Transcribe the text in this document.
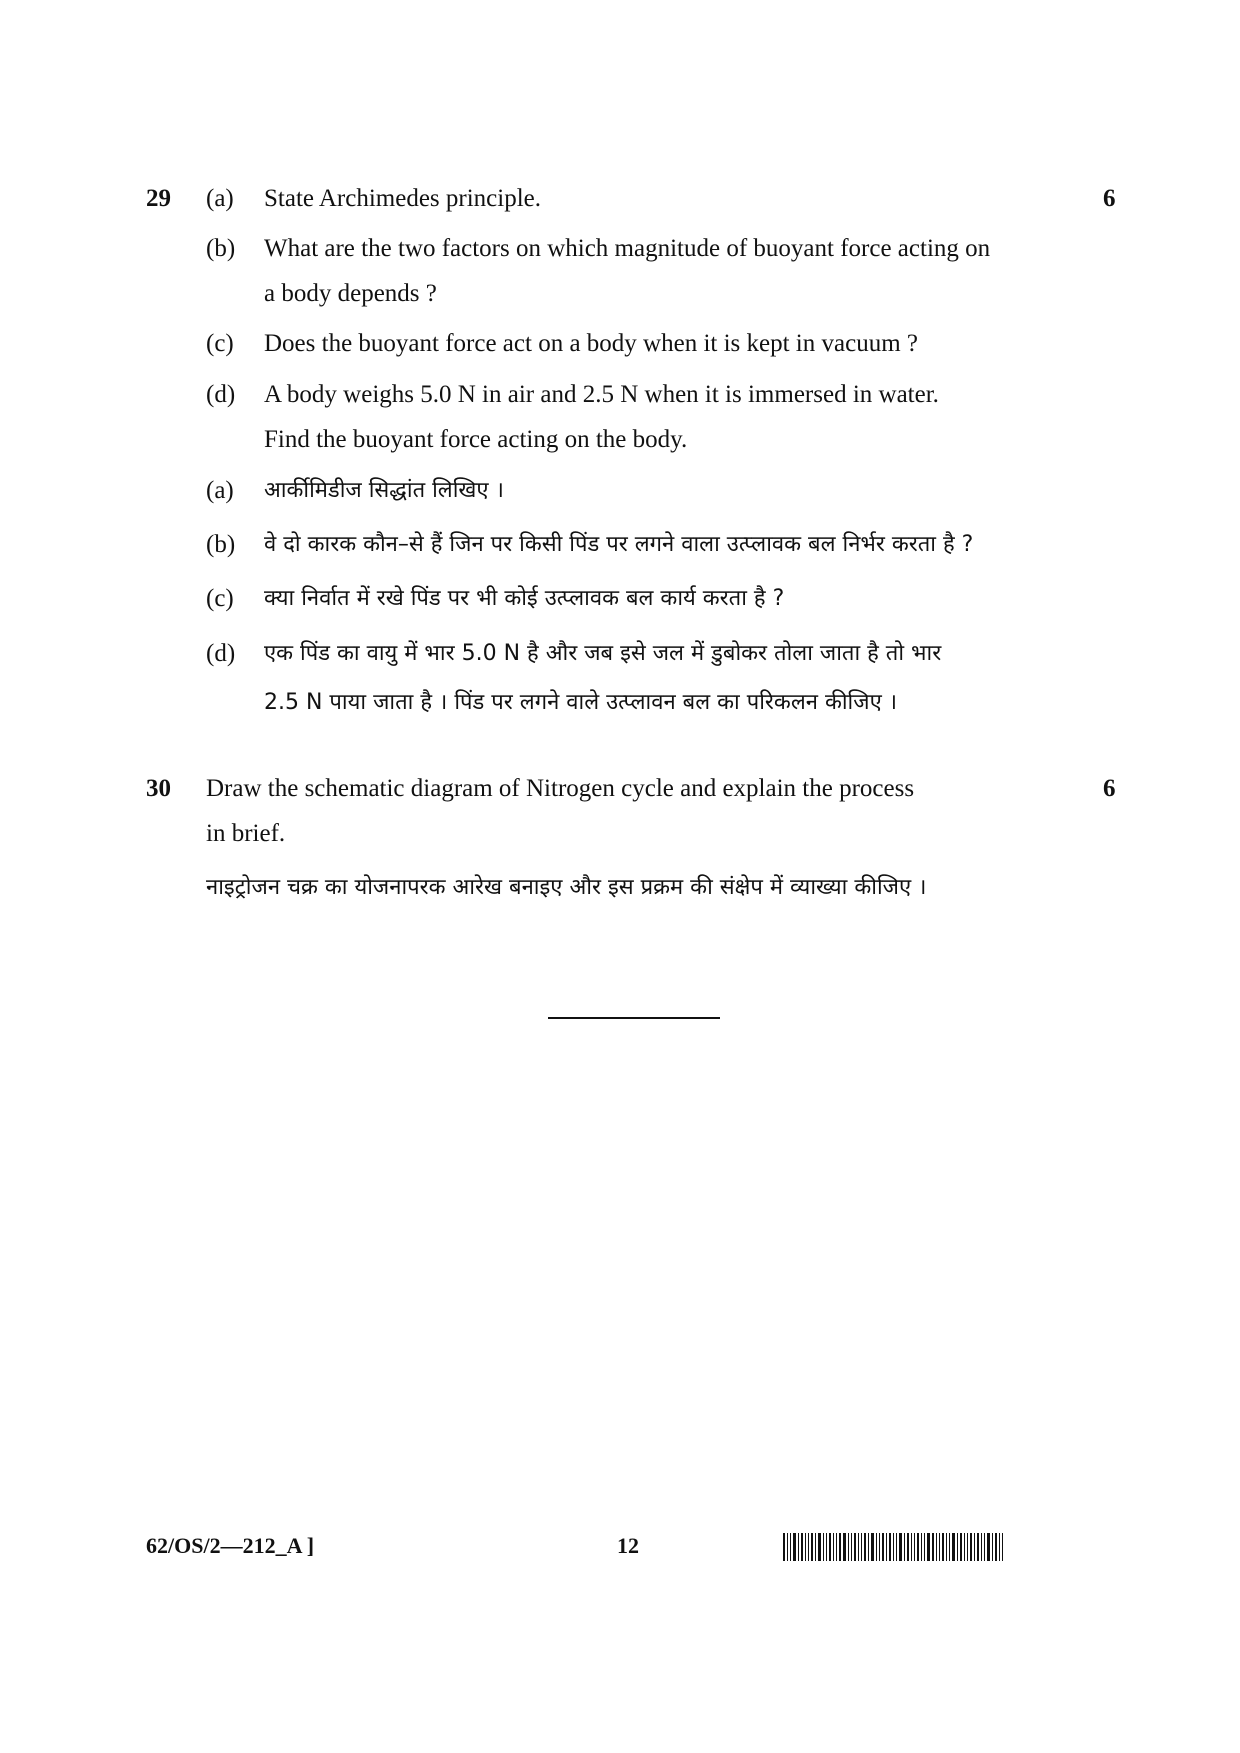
29	6
(a) State Archimedes principle.
(b) What are the two factors on which magnitude of buoyant force acting on
a body depends ?
(c) Does the buoyant force act on a body when it is kept in vacuum ?
(d) A body weighs 5.0 N in air and 2.5 N when it is immersed in water.
Find the buoyant force acting on the body.
(a) आर्कीमिडीज सिद्धांत लिखिए ।
(b) वे दो कारक कौन–से हैं जिन पर किसी पिंड पर लगने वाला उत्प्लावक बल निर्भर करता है ?
(c) क्या निर्वात में रखे पिंड पर भी कोई उत्प्लावक बल कार्य करता है ?
(d) एक पिंड का वायु में भार 5.0 N है और जब इसे जल में डुबोकर तोला जाता है तो भार
2.5 N पाया जाता है । पिंड पर लगने वाले उत्प्लावन बल का परिकलन कीजिए ।
30	6
Draw the schematic diagram of Nitrogen cycle and explain the process
in brief.
नाइट्रोजन चक्र का योजनापरक आरेख बनाइए और इस प्रक्रम की संक्षेप में व्याख्या कीजिए ।
62/OS/2—212_A ]	12
